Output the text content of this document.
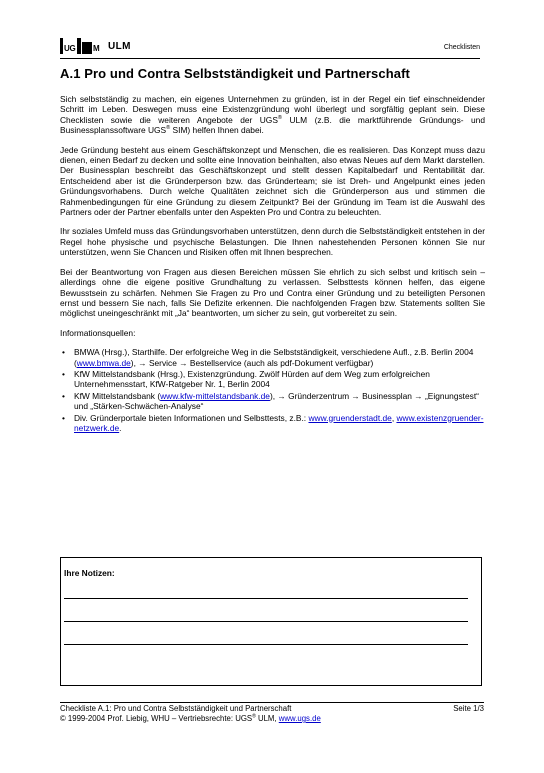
UG M ULM	Checklisten
A.1 Pro und Contra Selbstständigkeit und Partnerschaft

Sich selbstständig zu machen, ein eigenes Unternehmen zu gründen, ist in der Regel ein tief einschneidender Schritt im Leben. Deswegen muss eine Existenzgründung wohl überlegt und sorgfältig geplant sein. Diese Checklisten sowie die weiteren Angebote der UGS® ULM (z.B. die marktführende Gründungs- und Businessplanssoftware UGS® SIM) helfen Ihnen dabei.

Jede Gründung besteht aus einem Geschäftskonzept und Menschen, die es realisieren. Das Konzept muss dazu dienen, einen Bedarf zu decken und sollte eine Innovation beinhalten, also etwas Neues auf dem Markt darstellen. Der Businessplan beschreibt das Geschäftskonzept und stellt dessen Kapitalbedarf und Rentabilität dar. Entscheidend aber ist die Gründerperson bzw. das Gründerteam; sie ist Dreh- und Angelpunkt eines jeden Gründungsvorhabens. Durch welche Qualitäten zeichnet sich die Gründerperson aus und stimmen die Rahmenbedingungen für eine Gründung zu diesem Zeitpunkt? Bei der Gründung im Team ist die Auswahl des Partners oder der Partner ebenfalls unter den Aspekten Pro und Contra zu beleuchten.

Ihr soziales Umfeld muss das Gründungsvorhaben unterstützen, denn durch die Selbstständigkeit entstehen in der Regel hohe physische und psychische Belastungen. Die Ihnen nahestehenden Personen können Sie nur unterstützen, wenn Sie Chancen und Risiken offen mit Ihnen besprechen.

Bei der Beantwortung von Fragen aus diesen Bereichen müssen Sie ehrlich zu sich selbst und kritisch sein – allerdings ohne die eigene positive Grundhaltung zu verlassen. Selbsttests können helfen, das eigene Bewusstsein zu schärfen. Nehmen Sie Fragen zu Pro und Contra einer Gründung und zu beteiligten Personen ernst und bessern Sie nach, falls Sie Defizite erkennen. Die nachfolgenden Fragen bzw. Statements sollten Sie möglichst uneingeschränkt mit „Ja“ beantworten, um sicher zu sein, gut vorbereitet zu sein.

Informationsquellen:

• BMWA (Hrsg.), Starthilfe. Der erfolgreiche Weg in die Selbstständigkeit, verschiedene Aufl., z.B. Berlin 2004 (www.bmwa.de), → Service → Bestellservice (auch als pdf-Dokument verfügbar)
• KfW Mittelstandsbank (Hrsg.), Existenzgründung. Zwölf Hürden auf dem Weg zum erfolgreichen Unternehmensstart, KfW-Ratgeber Nr. 1, Berlin 2004
• KfW Mittelstandsbank (www.kfw-mittelstandsbank.de), → Gründerzentrum → Businessplan → „Eignungstest“ und „Stärken-Schwächen-Analyse“
• Div. Gründerportale bieten Informationen und Selbsttests, z.B.: www.gruenderstadt.de, www.existenzgruender-netzwerk.de.
Ihre Notizen:
Checkliste A.1: Pro und Contra Selbstständigkeit und Partnerschaft	Seite 1/3
© 1999-2004 Prof. Liebig, WHU – Vertriebsrechte: UGS® ULM, www.ugs.de
